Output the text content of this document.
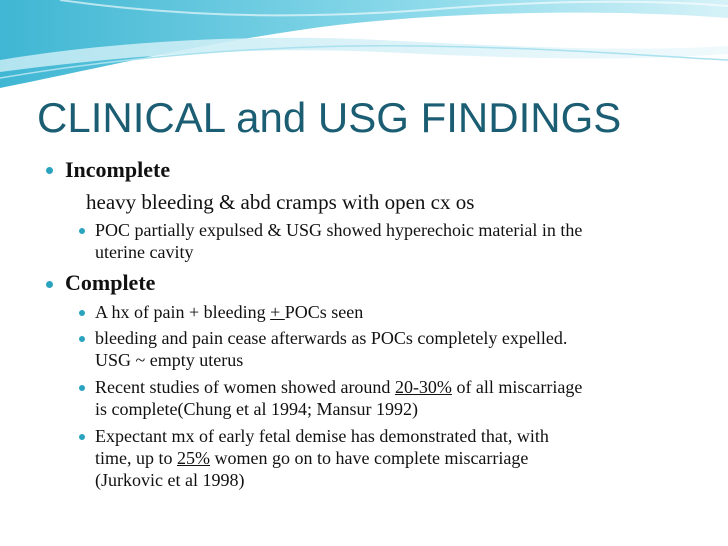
CLINICAL and USG FINDINGS
Incomplete
heavy bleeding & abd cramps with open cx os
POC partially expulsed & USG showed hyperechoic material in the
uterine cavity
Complete
A hx of pain + bleeding + POCs seen
bleeding and pain cease afterwards as POCs completely expelled.
USG ~ empty uterus
Recent studies of women showed around 20-30% of all miscarriage
is complete(Chung et al 1994; Mansur 1992)
Expectant mx of early fetal demise has demonstrated that, with
time, up to 25% women go on to have complete miscarriage
(Jurkovic et al 1998)
